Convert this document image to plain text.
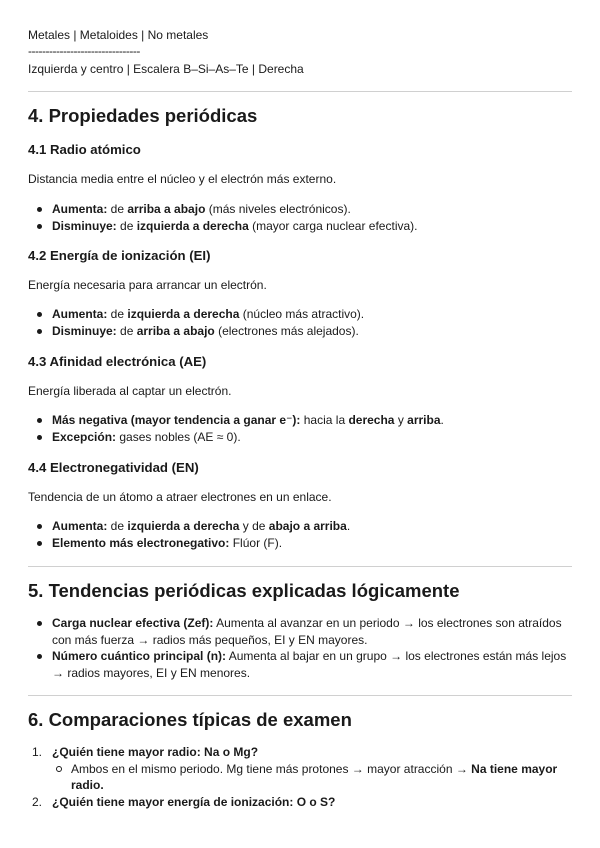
Metales | Metaloides | No metales
--------------------------------
Izquierda y centro | Escalera B–Si–As–Te | Derecha
4. Propiedades periódicas
4.1 Radio atómico

Distancia media entre el núcleo y el electrón más externo.

Aumenta: de arriba a abajo (más niveles electrónicos).
Disminuye: de izquierda a derecha (mayor carga nuclear efectiva).
4.2 Energía de ionización (EI)

Energía necesaria para arrancar un electrón.

Aumenta: de izquierda a derecha (núcleo más atractivo).
Disminuye: de arriba a abajo (electrones más alejados).
4.3 Afinidad electrónica (AE)

Energía liberada al captar un electrón.

Más negativa (mayor tendencia a ganar e⁻): hacia la derecha y arriba.
Excepción: gases nobles (AE ≈ 0).
4.4 Electronegatividad (EN)

Tendencia de un átomo a atraer electrones en un enlace.

Aumenta: de izquierda a derecha y de abajo a arriba.
Elemento más electronegativo: Flúor (F).
5. Tendencias periódicas explicadas lógicamente
Carga nuclear efectiva (Zef): Aumenta al avanzar en un periodo → los electrones son atraídos con más fuerza → radios más pequeños, EI y EN mayores.
Número cuántico principal (n): Aumenta al bajar en un grupo → los electrones están más lejos → radios mayores, EI y EN menores.
6. Comparaciones típicas de examen
1. ¿Quién tiene mayor radio: Na o Mg?
Ambos en el mismo periodo. Mg tiene más protones → mayor atracción → Na tiene mayor radio.
2. ¿Quién tiene mayor energía de ionización: O o S?
